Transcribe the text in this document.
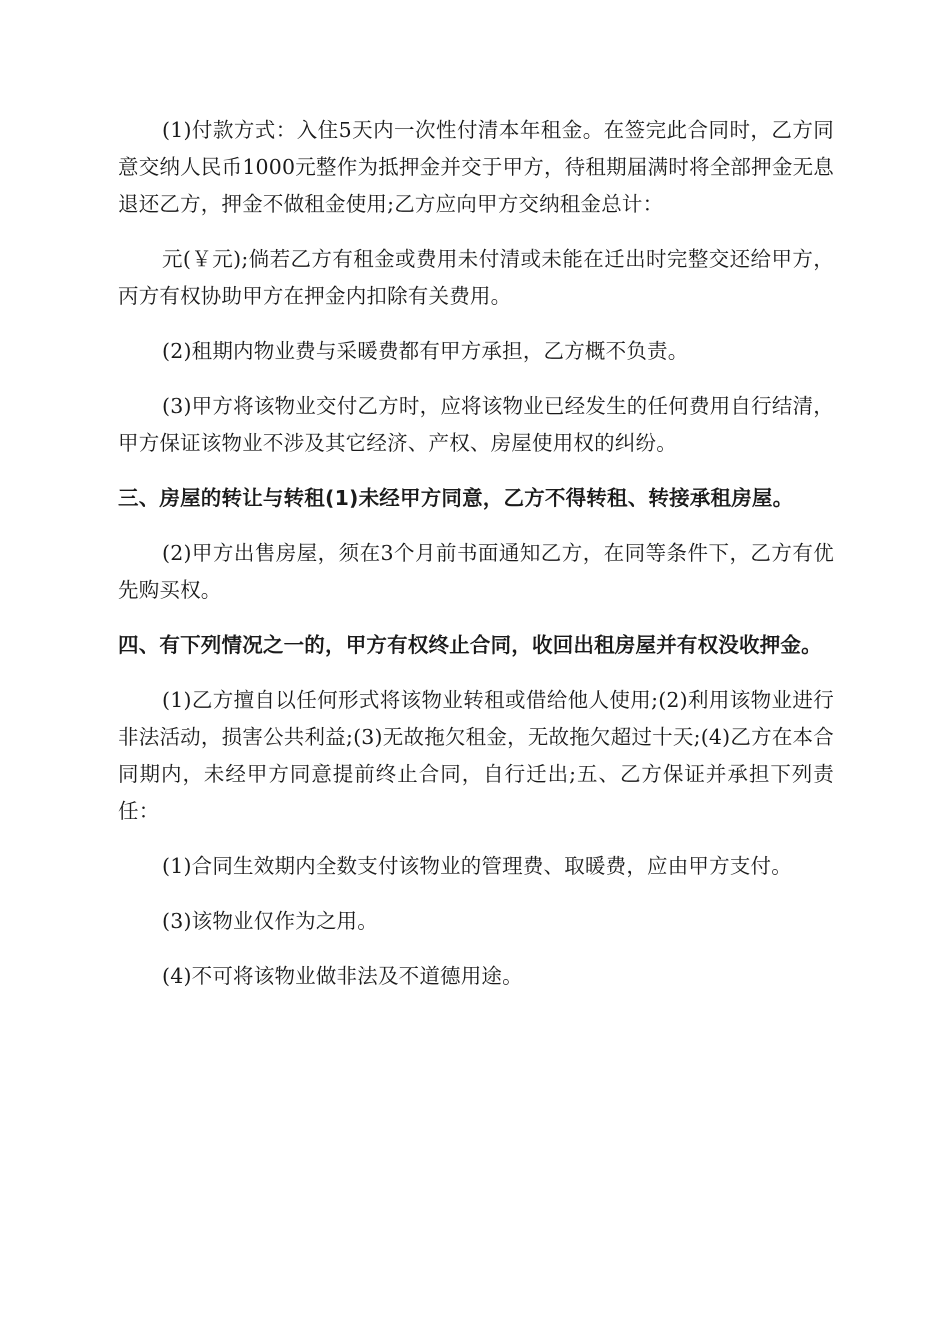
(1)付款方式：入住5天内一次性付清本年租金。在签完此合同时，乙方同意交纳人民币1000元整作为抵押金并交于甲方，待租期届满时将全部押金无息退还乙方，押金不做租金使用;乙方应向甲方交纳租金总计：

元(￥元);倘若乙方有租金或费用未付清或未能在迁出时完整交还给甲方，丙方有权协助甲方在押金内扣除有关费用。

(2)租期内物业费与采暖费都有甲方承担，乙方概不负责。

(3)甲方将该物业交付乙方时，应将该物业已经发生的任何费用自行结清，甲方保证该物业不涉及其它经济、产权、房屋使用权的纠纷。

三、房屋的转让与转租(1)未经甲方同意，乙方不得转租、转接承租房屋。

(2)甲方出售房屋，须在3个月前书面通知乙方，在同等条件下，乙方有优先购买权。

四、有下列情况之一的，甲方有权终止合同，收回出租房屋并有权没收押金。

(1)乙方擅自以任何形式将该物业转租或借给他人使用;(2)利用该物业进行非法活动，损害公共利益;(3)无故拖欠租金，无故拖欠超过十天;(4)乙方在本合同期内，未经甲方同意提前终止合同，自行迁出;五、乙方保证并承担下列责任：

(1)合同生效期内全数支付该物业的管理费、取暖费，应由甲方支付。

(3)该物业仅作为之用。

(4)不可将该物业做非法及不道德用途。
